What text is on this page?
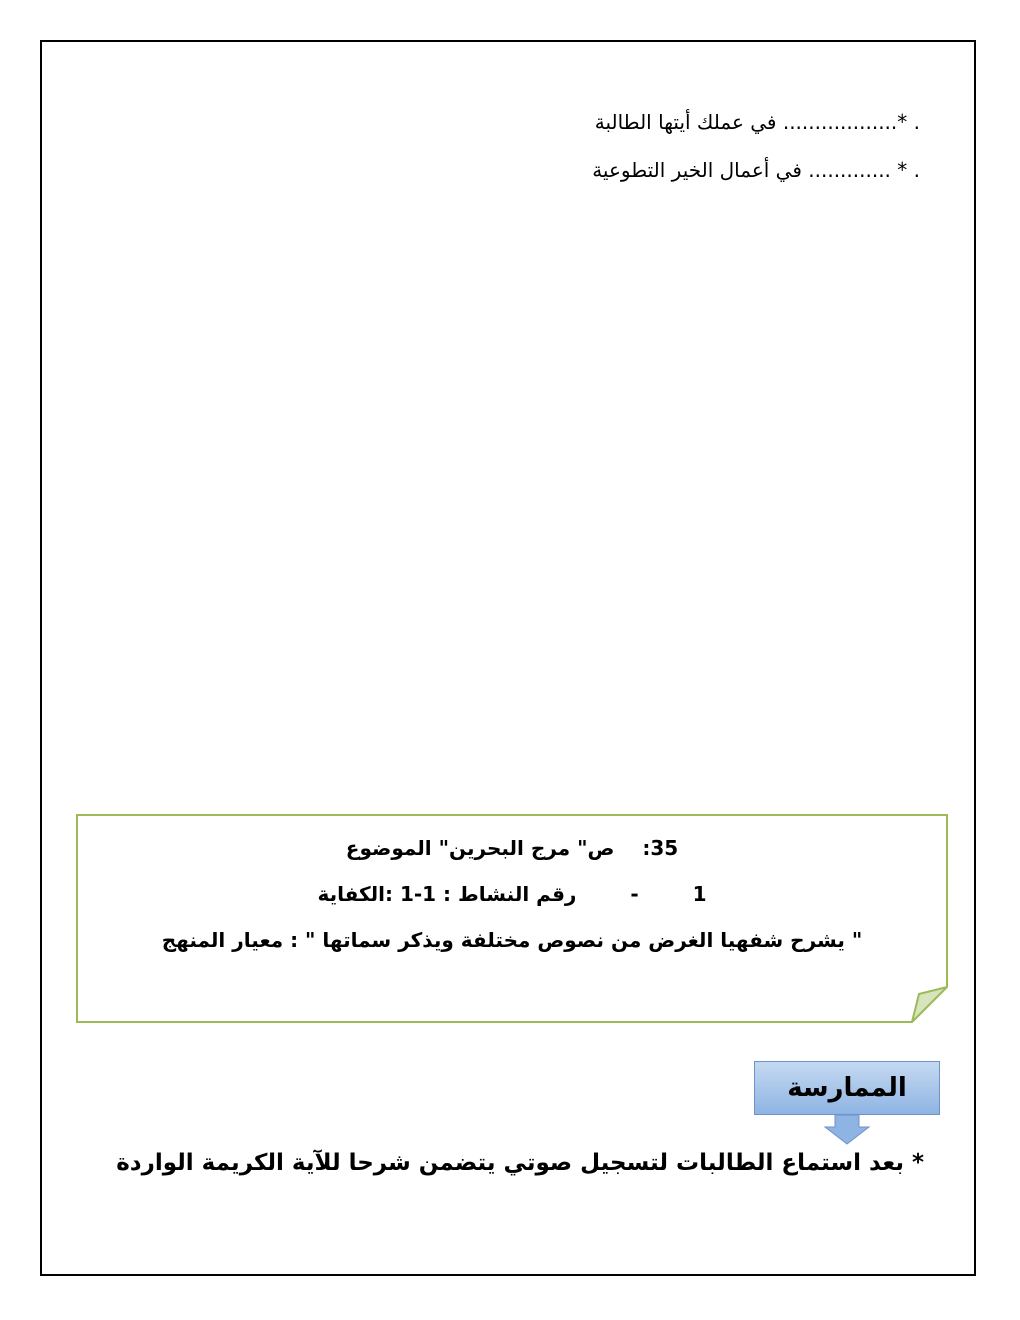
. *.................. في عملك أيتها الطالبة
. * ............. في أعمال الخير التطوعية
35:  ص" مرج البحرين" الموضوع
1  -  رقم النشاط : 1-1 :الكفاية
" يشرح شفهيا الغرض من نصوص مختلفة ويذكر سماتها " : معيار المنهج
الممارسة
* بعد استماع الطالبات لتسجيل صوتي يتضمن شرحا للآية الكريمة الواردة
